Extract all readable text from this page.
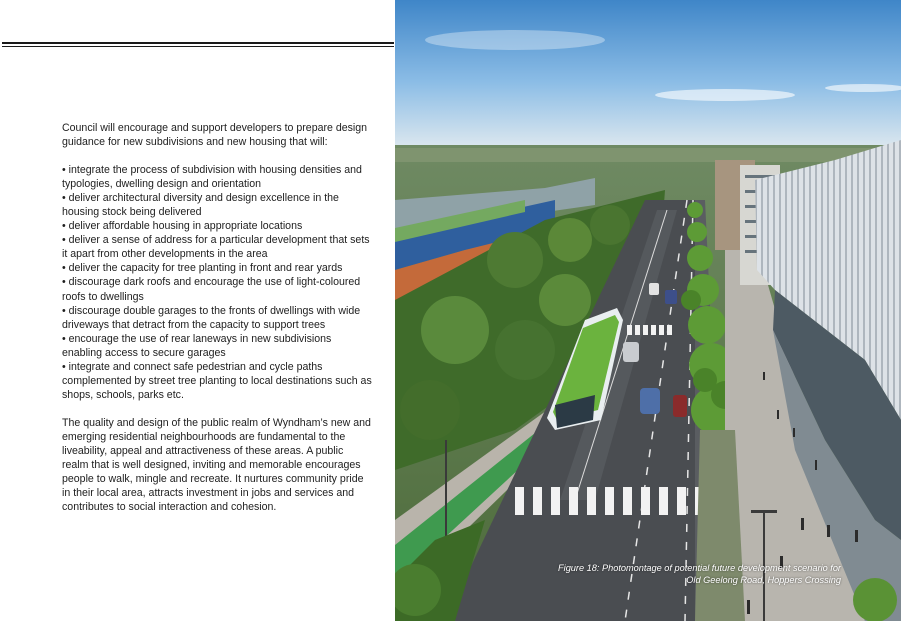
Council will encourage and support developers to prepare design guidance for new subdivisions and new housing that will:

• integrate the process of subdivision with housing densities and typologies, dwelling design and orientation
• deliver architectural diversity and design excellence in the housing stock being delivered
• deliver affordable housing in appropriate locations
• deliver a sense of address for a particular development that sets it apart from other developments in the area
• deliver the capacity for tree planting in front and rear yards
• discourage dark roofs and encourage the use of light-coloured roofs to dwellings
• discourage double garages to the fronts of dwellings with wide driveways that detract from the capacity to support trees
• encourage the use of rear laneways in new subdivisions enabling access to secure garages
• integrate and connect safe pedestrian and cycle paths complemented by street tree planting to local destinations such as shops, schools, parks etc.

The quality and design of the public realm of Wyndham’s new and emerging residential neighbourhoods are fundamental to the liveability, appeal and attractiveness of these areas. A public realm that is well designed, inviting and memorable encourages people to walk, mingle and recreate. It nurtures community pride in their local area, attracts investment in jobs and services and contributes to social interaction and cohesion.

Figure 18: Photomontage of potential future development scenario for
Old Geelong Road, Hoppers Crossing
